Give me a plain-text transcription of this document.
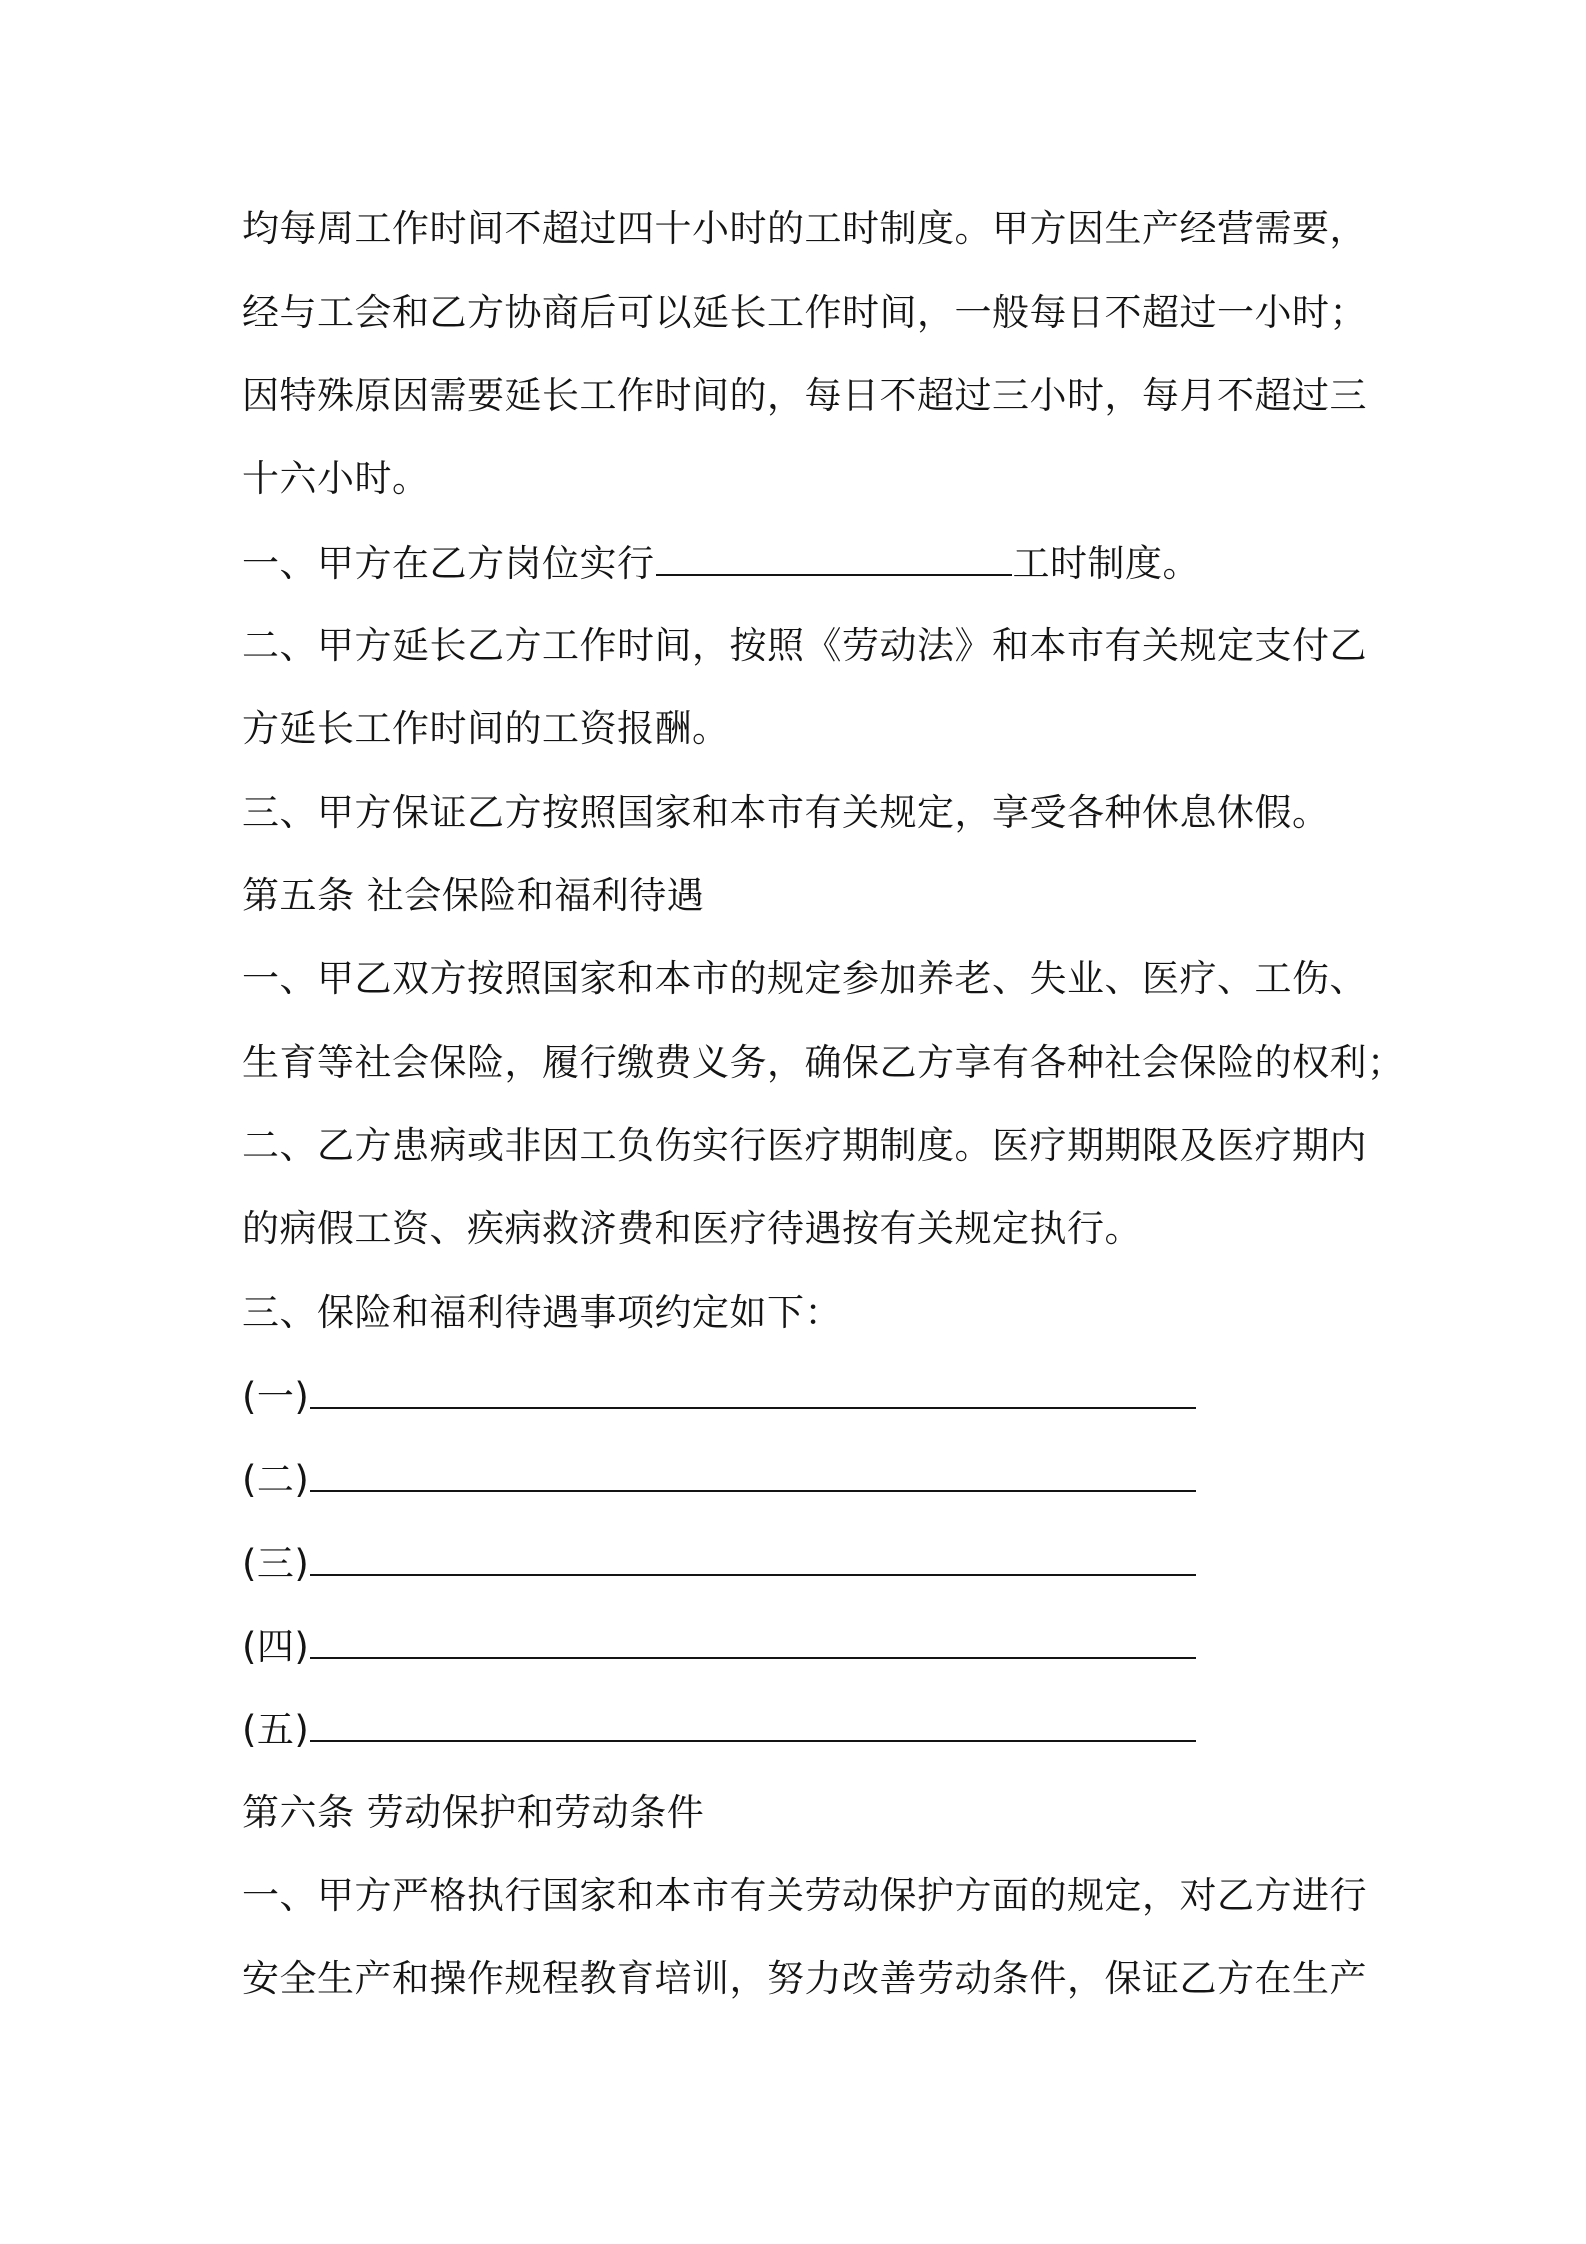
均每周工作时间不超过四十小时的工时制度。甲方因生产经营需要，
经与工会和乙方协商后可以延长工作时间，一般每日不超过一小时；
因特殊原因需要延长工作时间的，每日不超过三小时，每月不超过三
十六小时。
一、甲方在乙方岗位实行	工时制度。
二、甲方延长乙方工作时间，按照《劳动法》和本市有关规定支付乙
方延长工作时间的工资报酬。
三、甲方保证乙方按照国家和本市有关规定，享受各种休息休假。
第五条 社会保险和福利待遇
一、甲乙双方按照国家和本市的规定参加养老、失业、医疗、工伤、
生育等社会保险，履行缴费义务，确保乙方享有各种社会保险的权利；
二、乙方患病或非因工负伤实行医疗期制度。医疗期期限及医疗期内
的病假工资、疾病救济费和医疗待遇按有关规定执行。
三、保险和福利待遇事项约定如下：
(一)
(二)
(三)
(四)
(五)
第六条 劳动保护和劳动条件
一、甲方严格执行国家和本市有关劳动保护方面的规定，对乙方进行
安全生产和操作规程教育培训，努力改善劳动条件，保证乙方在生产
